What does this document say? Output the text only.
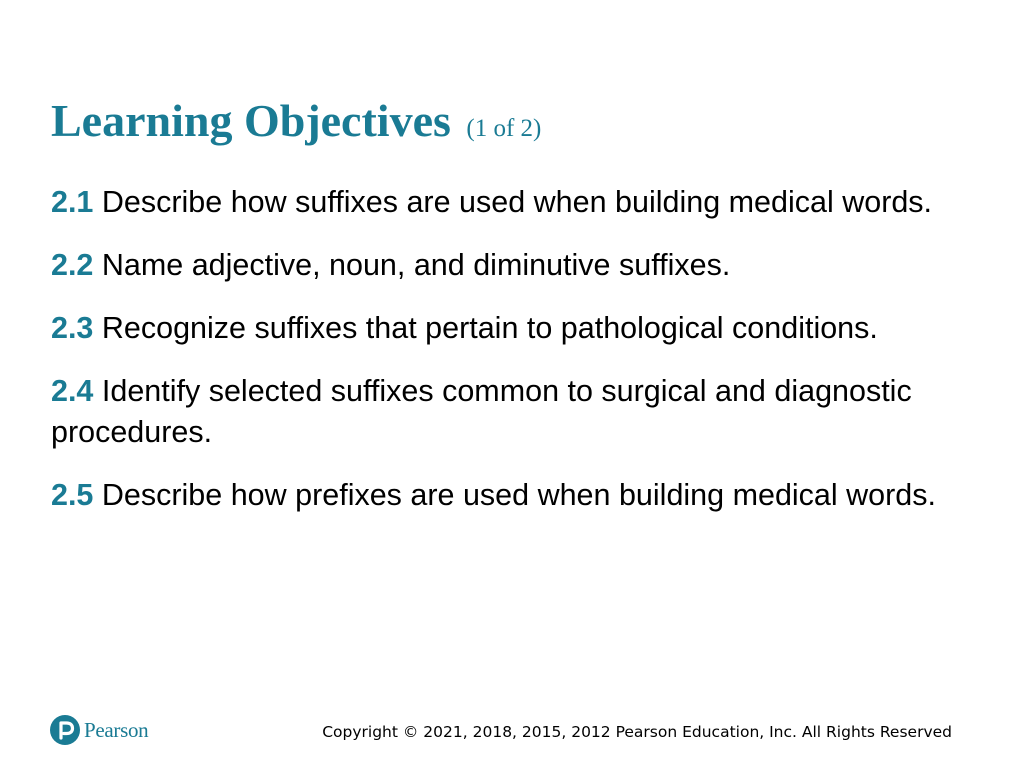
Learning Objectives (1 of 2)
2.1 Describe how suffixes are used when building medical words.
2.2 Name adjective, noun, and diminutive suffixes.
2.3 Recognize suffixes that pertain to pathological conditions.
2.4 Identify selected suffixes common to surgical and diagnostic procedures.
2.5 Describe how prefixes are used when building medical words.
Pearson	Copyright © 2021, 2018, 2015, 2012 Pearson Education, Inc. All Rights Reserved
